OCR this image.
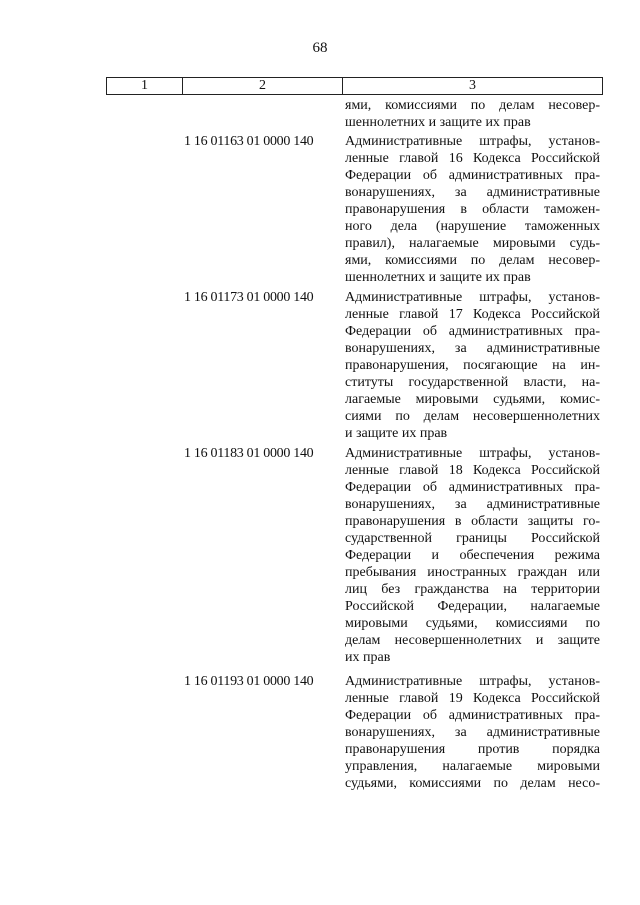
68
1	2	3
ями, комиссиями по делам несовер-
шеннолетних и защите их прав
1 16 01163 01 0000 140	Административные штрафы, установ-
ленные главой 16 Кодекса Российской
Федерации об административных пра-
вонарушениях, за административные
правонарушения в области таможен-
ного дела (нарушение таможенных
правил), налагаемые мировыми судь-
ями, комиссиями по делам несовер-
шеннолетних и защите их прав
1 16 01173 01 0000 140	Административные штрафы, установ-
ленные главой 17 Кодекса Российской
Федерации об административных пра-
вонарушениях, за административные
правонарушения, посягающие на ин-
ституты государственной власти, на-
лагаемые мировыми судьями, комис-
сиями по делам несовершеннолетних
и защите их прав
1 16 01183 01 0000 140	Административные штрафы, установ-
ленные главой 18 Кодекса Российской
Федерации об административных пра-
вонарушениях, за административные
правонарушения в области защиты го-
сударственной границы Российской
Федерации и обеспечения режима
пребывания иностранных граждан или
лиц без гражданства на территории
Российской Федерации, налагаемые
мировыми судьями, комиссиями по
делам несовершеннолетних и защите
их прав
1 16 01193 01 0000 140	Административные штрафы, установ-
ленные главой 19 Кодекса Российской
Федерации об административных пра-
вонарушениях, за административные
правонарушения против порядка
управления, налагаемые мировыми
судьями, комиссиями по делам несо-
